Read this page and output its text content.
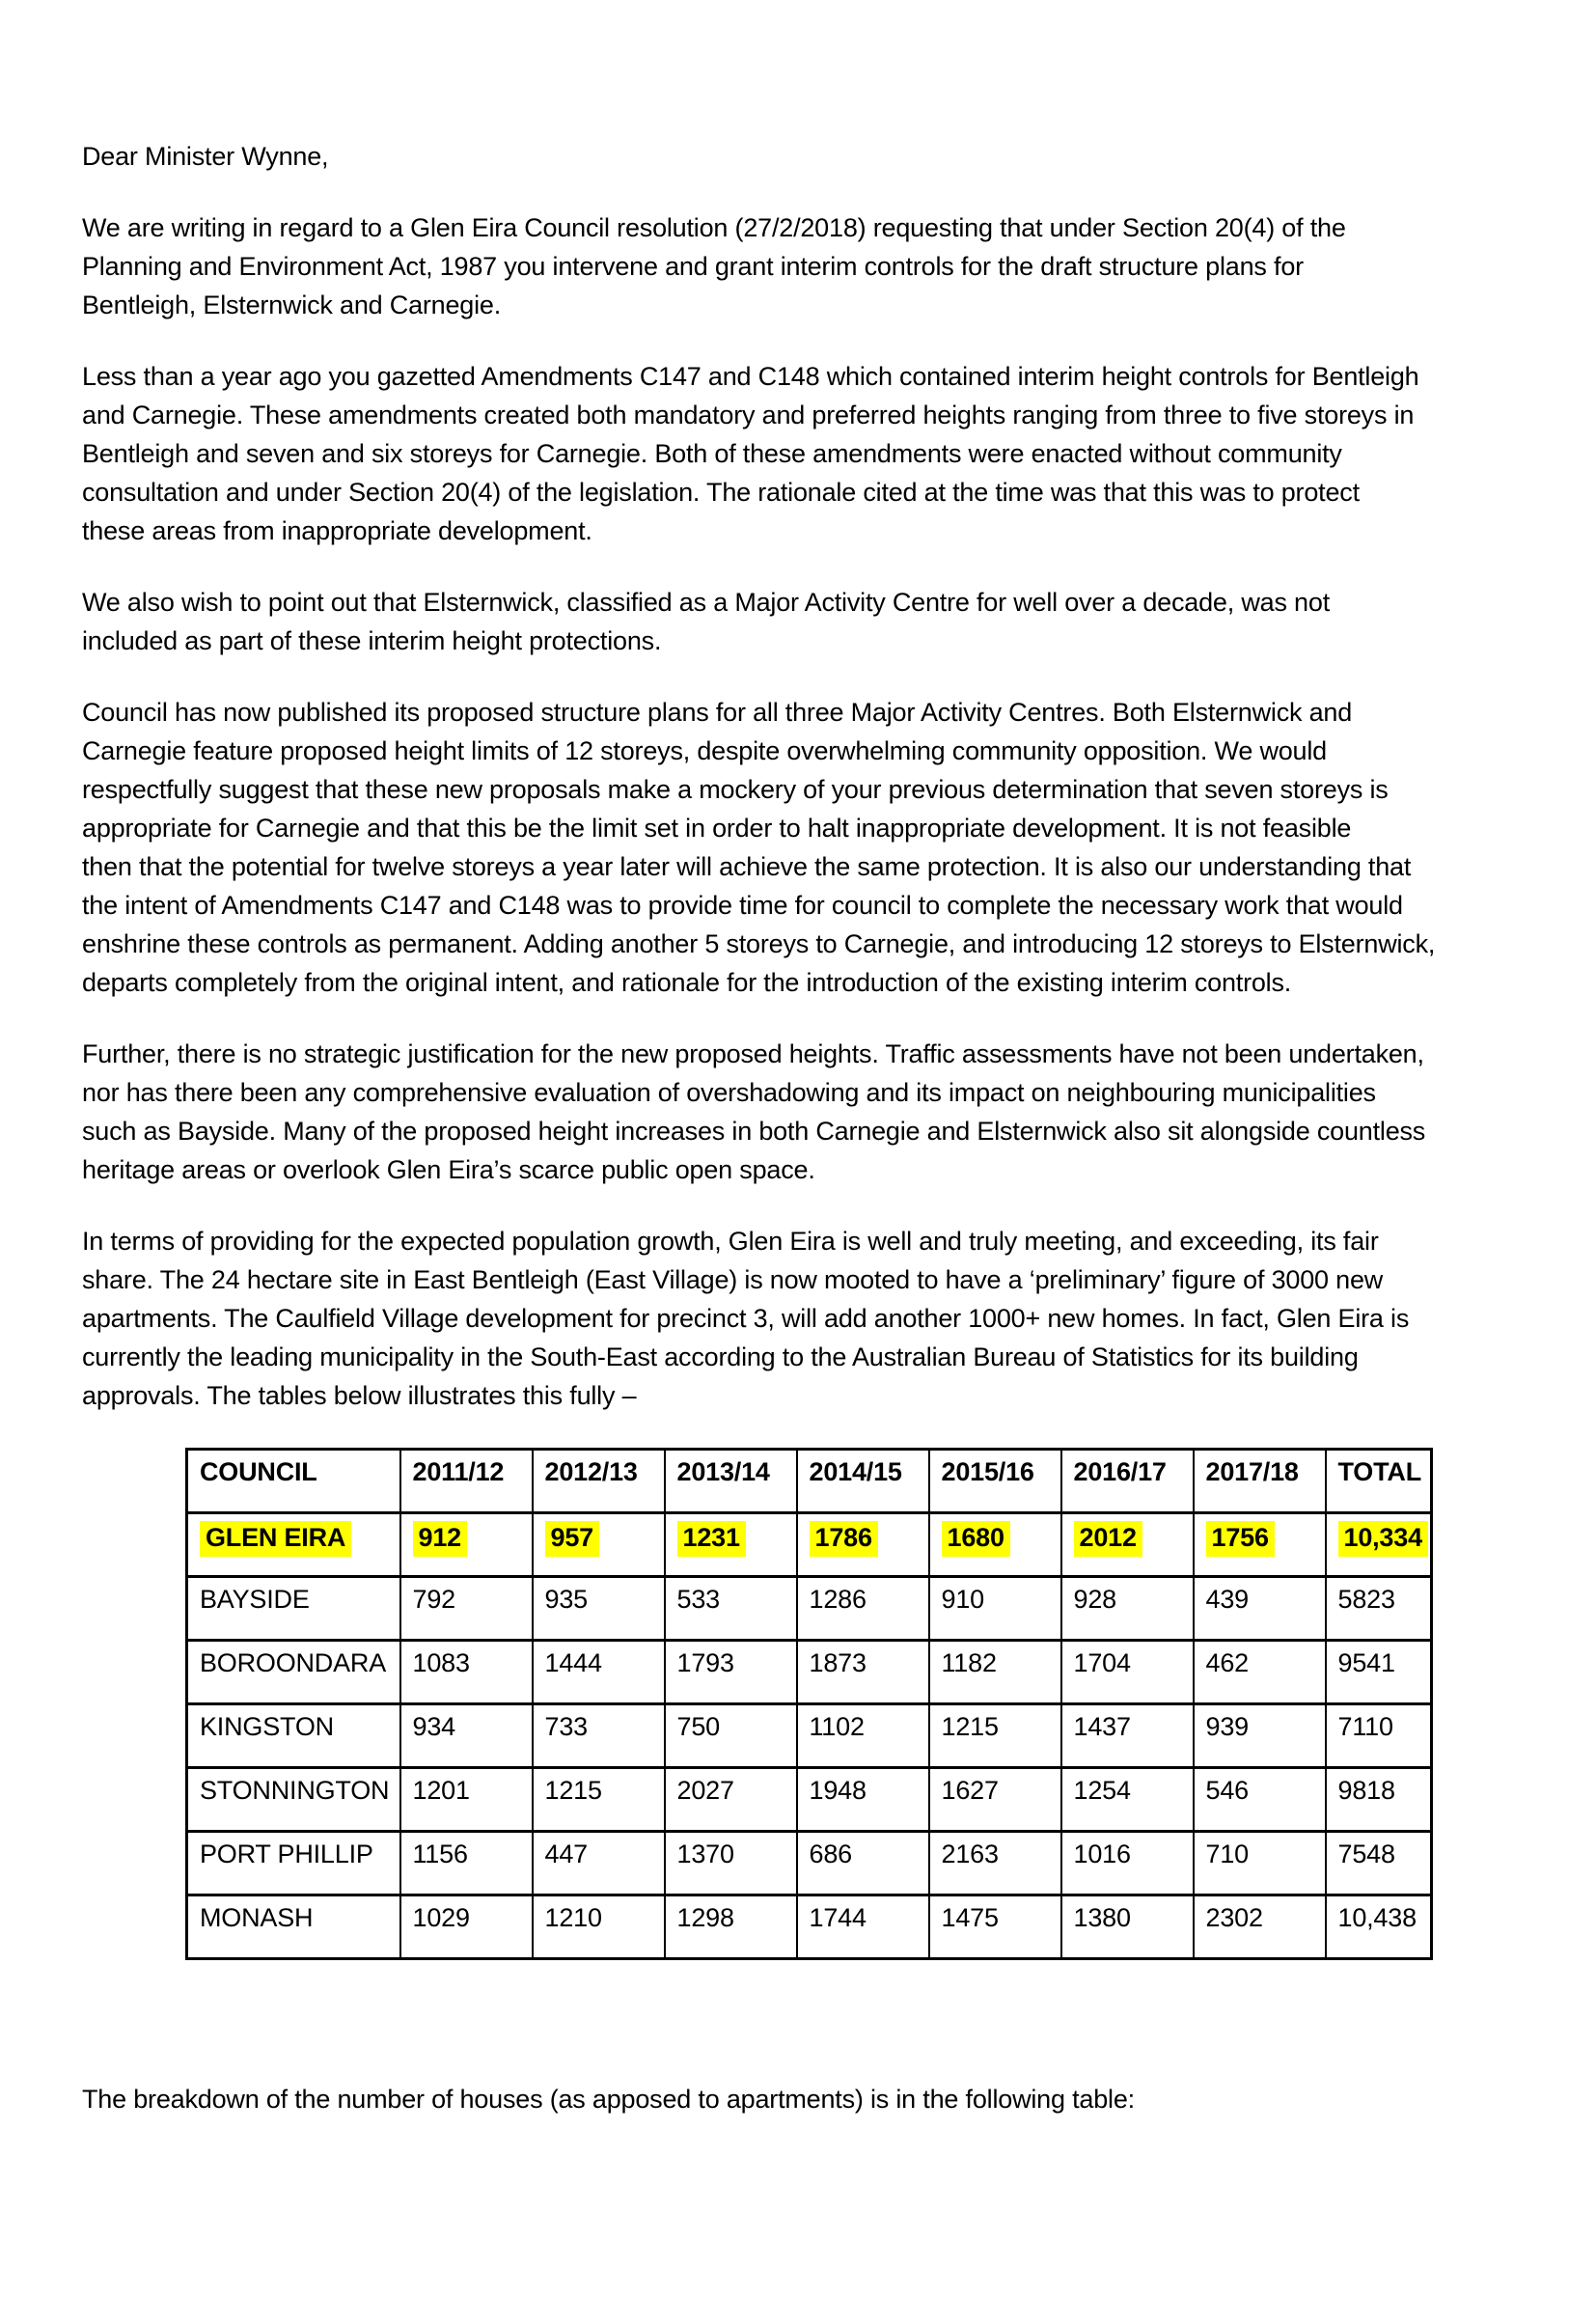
Dear Minister Wynne,
We are writing in regard to a Glen Eira Council resolution (27/2/2018) requesting that under Section 20(4) of the
Planning and Environment Act, 1987 you intervene and grant interim controls for the draft structure plans for
Bentleigh, Elsternwick and Carnegie.
Less than a year ago you gazetted Amendments C147 and C148 which contained interim height controls for Bentleigh
and Carnegie. These amendments created both mandatory and preferred heights ranging from three to five storeys in
Bentleigh and seven and six storeys for Carnegie. Both of these amendments were enacted without community
consultation and under Section 20(4) of the legislation. The rationale cited at the time was that this was to protect
these areas from inappropriate development.
We also wish to point out that Elsternwick, classified as a Major Activity Centre for well over a decade, was not
included as part of these interim height protections.
Council has now published its proposed structure plans for all three Major Activity Centres. Both Elsternwick and
Carnegie feature proposed height limits of 12 storeys, despite overwhelming community opposition. We would
respectfully suggest that these new proposals make a mockery of your previous determination that seven storeys is
appropriate for Carnegie and that this be the limit set in order to halt inappropriate development. It is not feasible
then that the potential for twelve storeys a year later will achieve the same protection. It is also our understanding that
the intent of Amendments C147 and C148 was to provide time for council to complete the necessary work that would
enshrine these controls as permanent. Adding another 5 storeys to Carnegie, and introducing 12 storeys to Elsternwick,
departs completely from the original intent, and rationale for the introduction of the existing interim controls.
Further, there is no strategic justification for the new proposed heights. Traffic assessments have not been undertaken,
nor has there been any comprehensive evaluation of overshadowing and its impact on neighbouring municipalities
such as Bayside. Many of the proposed height increases in both Carnegie and Elsternwick also sit alongside countless
heritage areas or overlook Glen Eira’s scarce public open space.
In terms of providing for the expected population growth, Glen Eira is well and truly meeting, and exceeding, its fair
share. The 24 hectare site in East Bentleigh (East Village) is now mooted to have a ‘preliminary’ figure of 3000 new
apartments. The Caulfield Village development for precinct 3, will add another 1000+ new homes. In fact, Glen Eira is
currently the leading municipality in the South-East according to the Australian Bureau of Statistics for its building
approvals. The tables below illustrates this fully –
COUNCIL	2011/12	2012/13	2013/14	2014/15	2015/16	2016/17	2017/18	TOTAL
GLEN EIRA	912	957	1231	1786	1680	2012	1756	10,334
BAYSIDE	792	935	533	1286	910	928	439	5823
BOROONDARA	1083	1444	1793	1873	1182	1704	462	9541
KINGSTON	934	733	750	1102	1215	1437	939	7110
STONNINGTON	1201	1215	2027	1948	1627	1254	546	9818
PORT PHILLIP	1156	447	1370	686	2163	1016	710	7548
MONASH	1029	1210	1298	1744	1475	1380	2302	10,438
The breakdown of the number of houses (as apposed to apartments) is in the following table:
